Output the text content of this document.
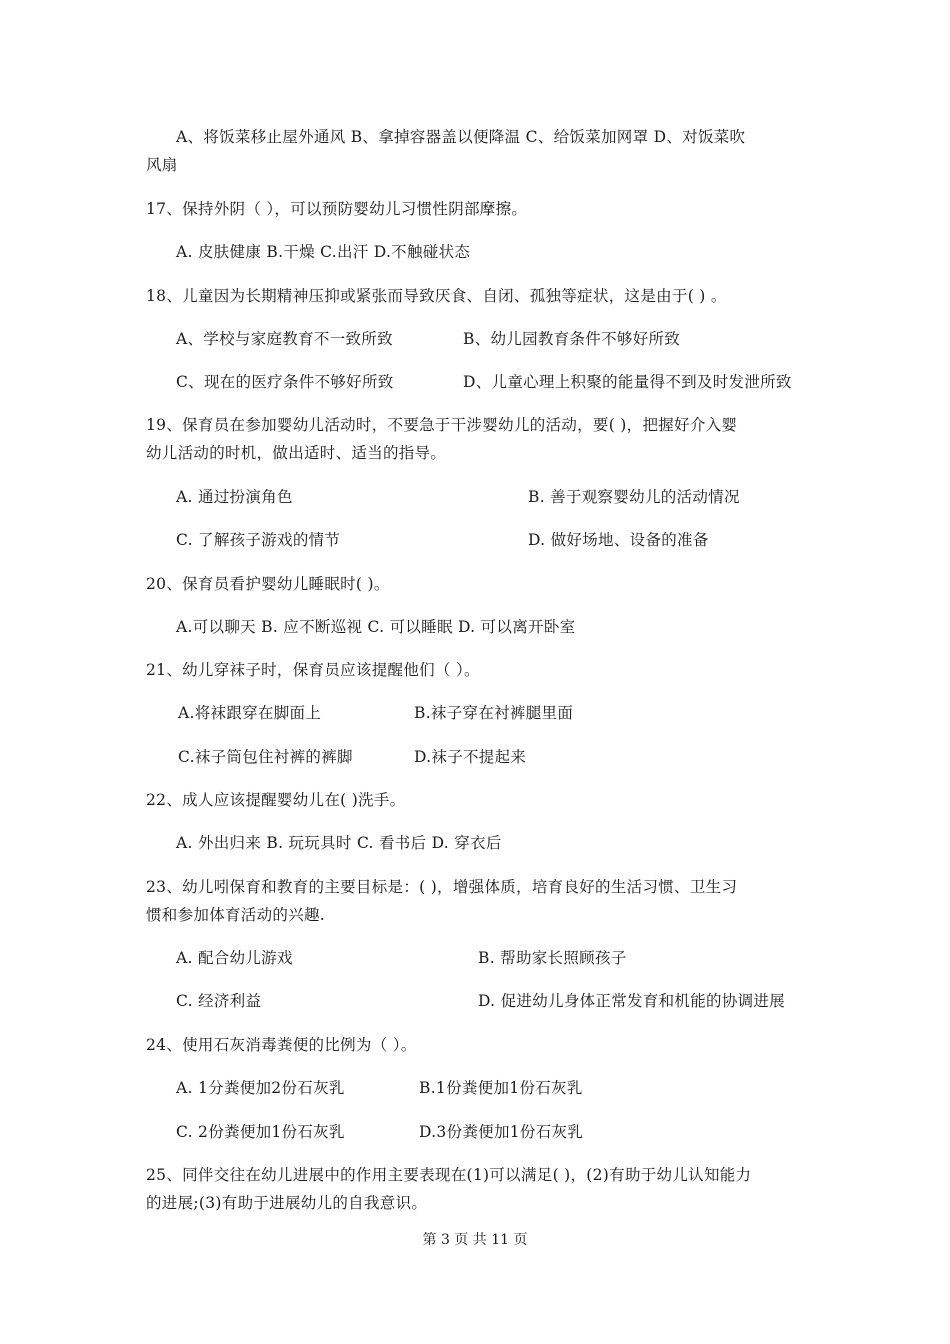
A、将饭菜移止屋外通风 B、拿掉容器盖以便降温 C、给饭菜加网罩 D、对饭菜吹
风扇
17、保持外阴（ ），可以预防婴幼儿习惯性阴部摩擦。
A. 皮肤健康 B.干燥 C.出汗 D.不触碰状态
18、儿童因为长期精神压抑或紧张而导致厌食、自闭、孤独等症状，这是由于( ) 。
A、学校与家庭教育不一致所致	B、幼儿园教育条件不够好所致
C、现在的医疗条件不够好所致	D、儿童心理上积聚的能量得不到及时发泄所致
19、保育员在参加婴幼儿活动时，不要急于干涉婴幼儿的活动，要( )，把握好介入婴
幼儿活动的时机，做出适时、适当的指导。
A. 通过扮演角色	B. 善于观察婴幼儿的活动情况
C. 了解孩子游戏的情节	D. 做好场地、设备的准备
20、保育员看护婴幼儿睡眠时( )。
A.可以聊天 B. 应不断巡视 C. 可以睡眠 D. 可以离开卧室
21、幼儿穿袜子时，保育员应该提醒他们（ ）。
A.将袜跟穿在脚面上	B.袜子穿在衬裤腿里面
C.袜子筒包住衬裤的裤脚	D.袜子不提起来
22、成人应该提醒婴幼儿在( )洗手。
A. 外出归来 B. 玩玩具时 C. 看书后 D. 穿衣后
23、幼儿吲保育和教育的主要目标是：( )，增强体质，培育良好的生活习惯、卫生习
惯和参加体育活动的兴趣.
A. 配合幼儿游戏	B. 帮助家长照顾孩子
C. 经济利益	D. 促进幼儿身体正常发育和机能的协调进展
24、使用石灰消毒粪便的比例为（ ）。
A. 1分粪便加2份石灰乳	B.1份粪便加1份石灰乳
C. 2份粪便加1份石灰乳	D.3份粪便加1份石灰乳
25、同伴交往在幼儿进展中的作用主要表现在(1)可以满足( )，(2)有助于幼儿认知能力
的进展;(3)有助于进展幼儿的自我意识。
第 3 页 共 11 页
